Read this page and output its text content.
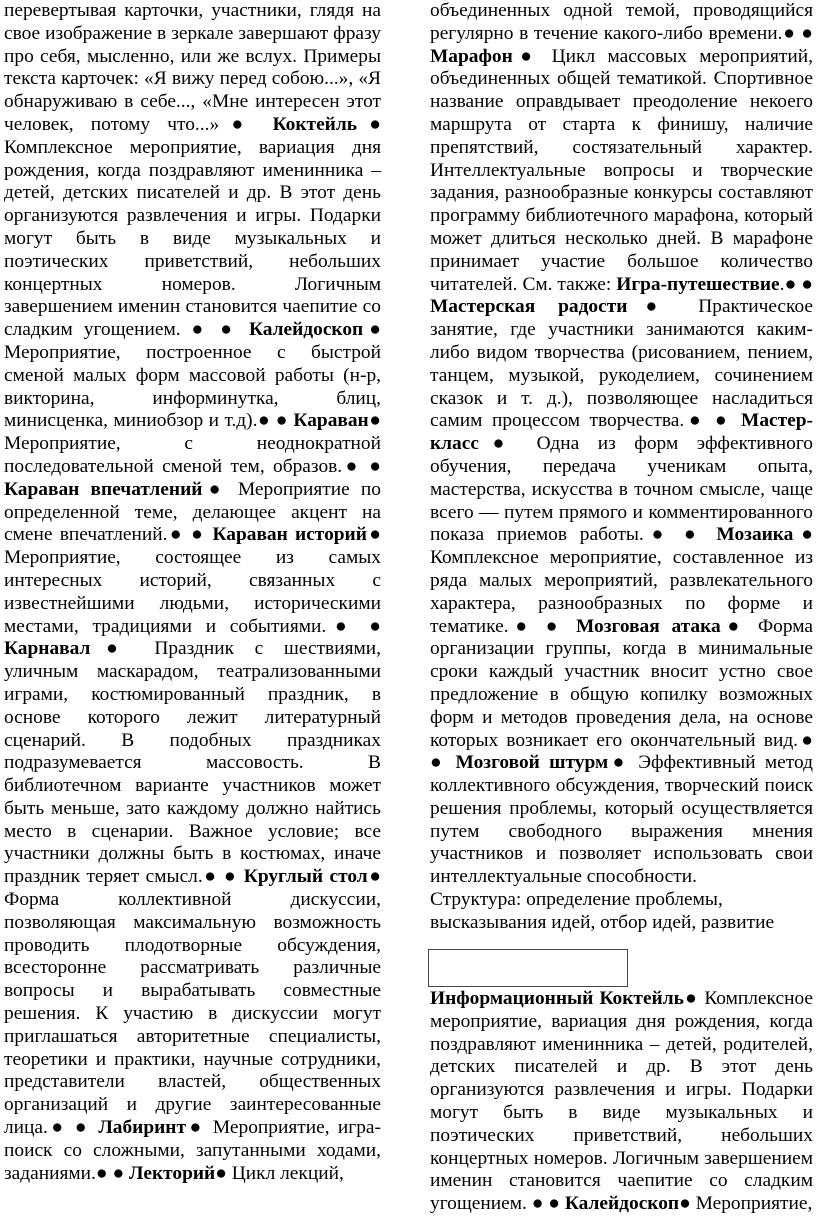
перевертывая карточки, участники, глядя на свое изображение в зеркале завершают фразу про себя, мысленно, или же вслух. Примеры текста карточек: «Я вижу перед собою...», «Я обнаруживаю в себе..., «Мне интересен этот человек, потому что...»● Коктейль● Комплексное мероприятие, вариация дня рождения, когда поздравляют именинника – детей, детских писателей и др. В этот день организуются развлечения и игры. Подарки могут быть в виде музыкальных и поэтических приветствий, небольших концертных номеров. Логичным завершением именин становится чаепитие со сладким угощением. ● ● Калейдоскоп● Мероприятие, построенное с быстрой сменой малых форм массовой работы (н-р, викторина, информинутка, блиц, минисценка, миниобзор и т.д).● ● Караван● Мероприятие, с неоднократной последовательной сменой тем, образов.● ● Караван впечатлений● Мероприятие по определенной теме, делающее акцент на смене впечатлений.● ● Караван историй● Мероприятие, состоящее из самых интересных историй, связанных с известнейшими людьми, историческими местами, традициями и событиями.● ● Карнавал● Праздник с шествиями, уличным маскарадом, театрализованными играми, костюмированный праздник, в основе которого лежит литературный сценарий. В подобных праздниках подразумевается массовость. В библиотечном варианте участников может быть меньше, зато каждому должно найтись место в сценарии. Важное условие; все участники должны быть в костюмах, иначе праздник теряет смысл.● ● Круглый стол● Форма коллективной дискуссии, позволяющая максимальную возможность проводить плодотворные обсуждения, всесторонне рассматривать различные вопросы и вырабатывать совместные решения. К участию в дискуссии могут приглашаться авторитетные специалисты, теоретики и практики, научные сотрудники, представители властей, общественных организаций и другие заинтересованные лица.● ● Лабиринт● Мероприятие, игра-поиск со сложными, запутанными ходами, заданиями.● ● Лекторий● Цикл лекций,

объединенных одной темой, проводящийся регулярно в течение какого-либо времени.● ● Марафон● Цикл массовых мероприятий, объединенных общей тематикой. Спортивное название оправдывает преодоление некоего маршрута от старта к финишу, наличие препятствий, состязательный характер. Интеллектуальные вопросы и творческие задания, разнообразные конкурсы составляют программу библиотечного марафона, который может длиться несколько дней. В марафоне принимает участие большое количество читателей. См. также: Игра-путешествие.● ● Мастерская радости● Практическое занятие, где участники занимаются каким-либо видом творчества (рисованием, пением, танцем, музыкой, рукоделием, сочинением сказок и т. д.), позволяющее насладиться самим процессом творчества.● ● Мастер-класс● Одна из форм эффективного обучения, передача ученикам опыта, мастерства, искусства в точном смысле, чаще всего — путем прямого и комментированного показа приемов работы.● ● Мозаика● Комплексное мероприятие, составленное из ряда малых мероприятий, развлекательного характера, разнообразных по форме и тематике.● ● Мозговая атака● Форма организации группы, когда в минимальные сроки каждый участник вносит устно свое предложение в общую копилку возможных форм и методов проведения дела, на основе которых возникает его окончательный вид.● ● Мозговой штурм● Эффективный метод коллективного обсуждения, творческий поиск решения проблемы, который осуществляется путем свободного выражения мнения участников и позволяет использовать свои интеллектуальные способности.

Структура: определение проблемы, высказывания идей, отбор идей, развитие

Информационный Коктейль● Комплексное мероприятие, вариация дня рождения, когда поздравляют именинника – детей, родителей, детских писателей и др. В этот день организуются развлечения и игры. Подарки могут быть в виде музыкальных и поэтических приветствий, небольших концертных номеров. Логичным завершением именин становится чаепитие со сладким угощением. ● ● Калейдоскоп● Мероприятие,
